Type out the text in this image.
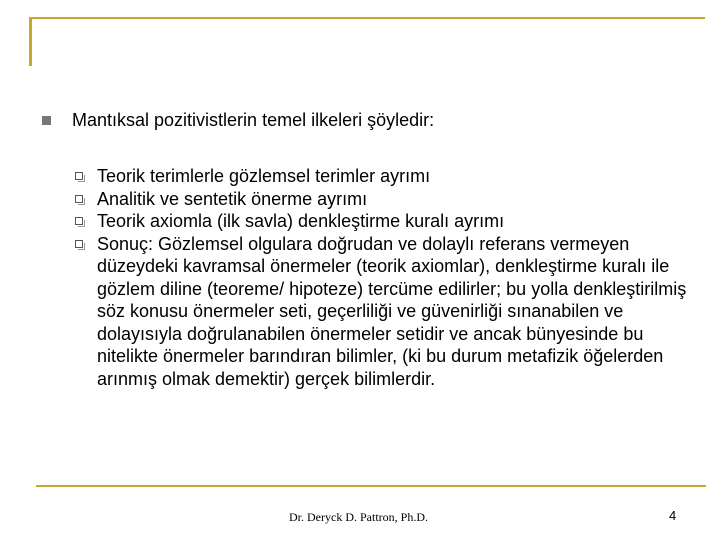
Mantıksal pozitivistlerin temel ilkeleri şöyledir:
Teorik terimlerle gözlemsel terimler ayrımı
Analitik ve sentetik önerme ayrımı
Teorik axiomla (ilk savla) denkleştirme kuralı ayrımı
Sonuç: Gözlemsel olgulara doğrudan ve dolaylı referans vermeyen düzeydeki kavramsal önermeler (teorik axiomlar), denkleştirme kuralı ile gözlem diline (teoreme/ hipoteze) tercüme edilirler; bu yolla denkleştirilmiş söz konusu önermeler seti, geçerliliği ve güvenirliği sınanabilen ve dolayısıyla doğrulanabilen önermeler setidir ve ancak bünyesinde bu nitelikte önermeler barındıran bilimler, (ki bu durum metafizik öğelerden arınmış olmak demektir) gerçek bilimlerdir.
Dr. Deryck D. Pattron, Ph.D.	4
